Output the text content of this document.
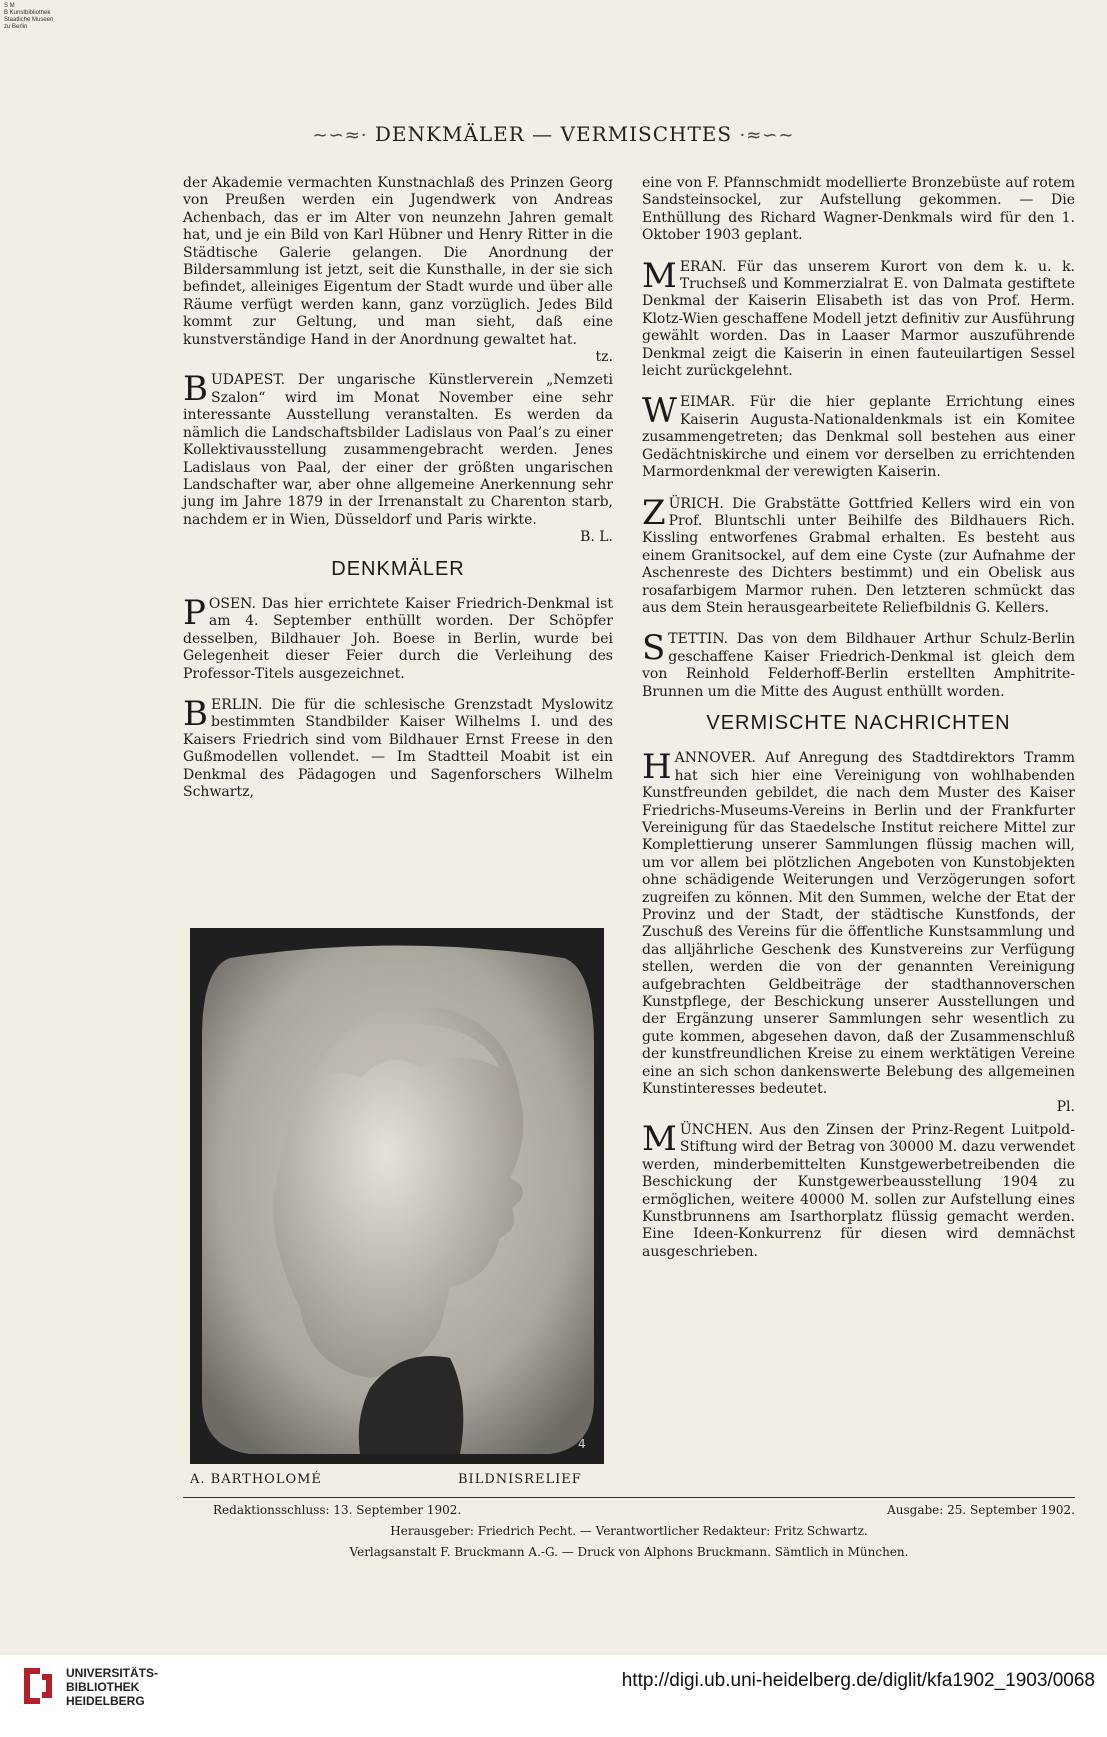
S M
B Kunstbibliothek
Staatliche Museen
zu Berlin
~∽≈· DENKMÄLER — VERMISCHTES ·≈∽~

der Akademie vermachten Kunstnachlaß des Prinzen Georg von Preußen werden ein Jugendwerk von Andreas Achenbach, das er im Alter von neunzehn Jahren gemalt hat, und je ein Bild von Karl Hübner und Henry Ritter in die Städtische Galerie gelangen. Die Anordnung der Bildersammlung ist jetzt, seit die Kunsthalle, in der sie sich befindet, alleiniges Eigentum der Stadt wurde und über alle Räume verfügt werden kann, ganz vorzüglich. Jedes Bild kommt zur Geltung, und man sieht, daß eine kunstverständige Hand in der Anordnung gewaltet hat.
tz.

BUDAPEST. Der ungarische Künstlerverein „Nemzeti Szalon“ wird im Monat November eine sehr interessante Ausstellung veranstalten. Es werden da nämlich die Landschaftsbilder Ladislaus von Paal’s zu einer Kollektivausstellung zusammengebracht werden. Jenes Ladislaus von Paal, der einer der größten ungarischen Landschafter war, aber ohne allgemeine Anerkennung sehr jung im Jahre 1879 in der Irrenanstalt zu Charenton starb, nachdem er in Wien, Düsseldorf und Paris wirkte.
B. L.

DENKMÄLER

POSEN. Das hier errichtete Kaiser Friedrich-Denkmal ist am 4. September enthüllt worden. Der Schöpfer desselben, Bildhauer Joh. Boese in Berlin, wurde bei Gelegenheit dieser Feier durch die Verleihung des Professor-Titels ausgezeichnet.

BERLIN. Die für die schlesische Grenzstadt Myslowitz bestimmten Standbilder Kaiser Wilhelms I. und des Kaisers Friedrich sind vom Bildhauer Ernst Freese in den Gußmodellen vollendet. — Im Stadtteil Moabit ist ein Denkmal des Pädagogen und Sagenforschers Wilhelm Schwartz,

eine von F. Pfannschmidt modellierte Bronzebüste auf rotem Sandsteinsockel, zur Aufstellung gekommen. — Die Enthüllung des Richard Wagner-Denkmals wird für den 1. Oktober 1903 geplant.

MERAN. Für das unserem Kurort von dem k. u. k. Truchseß und Kommerzialrat E. von Dalmata gestiftete Denkmal der Kaiserin Elisabeth ist das von Prof. Herm. Klotz-Wien geschaffene Modell jetzt definitiv zur Ausführung gewählt worden. Das in Laaser Marmor auszuführende Denkmal zeigt die Kaiserin in einen fauteuilartigen Sessel leicht zurückgelehnt.

WEIMAR. Für die hier geplante Errichtung eines Kaiserin Augusta-Nationaldenkmals ist ein Komitee zusammengetreten; das Denkmal soll bestehen aus einer Gedächtniskirche und einem vor derselben zu errichtenden Marmordenkmal der verewigten Kaiserin.

ZÜRICH. Die Grabstätte Gottfried Kellers wird ein von Prof. Bluntschli unter Beihilfe des Bildhauers Rich. Kissling entworfenes Grabmal erhalten. Es besteht aus einem Granitsockel, auf dem eine Cyste (zur Aufnahme der Aschenreste des Dichters bestimmt) und ein Obelisk aus rosafarbigem Marmor ruhen. Den letzteren schmückt das aus dem Stein herausgearbeitete Reliefbildnis G. Kellers.

STETTIN. Das von dem Bildhauer Arthur Schulz-Berlin geschaffene Kaiser Friedrich-Denkmal ist gleich dem von Reinhold Felderhoff-Berlin erstellten Amphitrite-Brunnen um die Mitte des August enthüllt worden.

VERMISCHTE NACHRICHTEN

HANNOVER. Auf Anregung des Stadtdirektors Tramm hat sich hier eine Vereinigung von wohlhabenden Kunstfreunden gebildet, die nach dem Muster des Kaiser Friedrichs-Museums-Vereins in Berlin und der Frankfurter Vereinigung für das Staedelsche Institut reichere Mittel zur Komplettierung unserer Sammlungen flüssig machen will, um vor allem bei plötzlichen Angeboten von Kunstobjekten ohne schädigende Weiterungen und Verzögerungen sofort zugreifen zu können. Mit den Summen, welche der Etat der Provinz und der Stadt, der städtische Kunstfonds, der Zuschuß des Vereins für die öffentliche Kunstsammlung und das alljährliche Geschenk des Kunstvereins zur Verfügung stellen, werden die von der genannten Vereinigung aufgebrachten Geldbeiträge der stadthannoverschen Kunstpflege, der Beschickung unserer Ausstellungen und der Ergänzung unserer Sammlungen sehr wesentlich zu gute kommen, abgesehen davon, daß der Zusammenschluß der kunstfreundlichen Kreise zu einem werktätigen Vereine eine an sich schon dankenswerte Belebung des allgemeinen Kunstinteresses bedeutet.
Pl.

MÜNCHEN. Aus den Zinsen der Prinz-Regent Luitpold-Stiftung wird der Betrag von 30000 M. dazu verwendet werden, minderbemittelten Kunstgewerbetreibenden die Beschickung der Kunstgewerbeausstellung 1904 zu ermöglichen, weitere 40000 M. sollen zur Aufstellung eines Kunstbrunnens am Isarthorplatz flüssig gemacht werden. Eine Ideen-Konkurrenz für diesen wird demnächst ausgeschrieben.

4
A. BARTHOLOMÉ	BILDNISRELIEF
Redaktionsschluss: 13. September 1902.	Ausgabe: 25. September 1902.
Herausgeber: Friedrich Pecht. — Verantwortlicher Redakteur: Fritz Schwartz.
Verlagsanstalt F. Bruckmann A.-G. — Druck von Alphons Bruckmann. Sämtlich in München.
UNIVERSITÄTS-
BIBLIOTHEK
HEIDELBERG
http://digi.ub.uni-heidelberg.de/diglit/kfa1902_1903/0068
